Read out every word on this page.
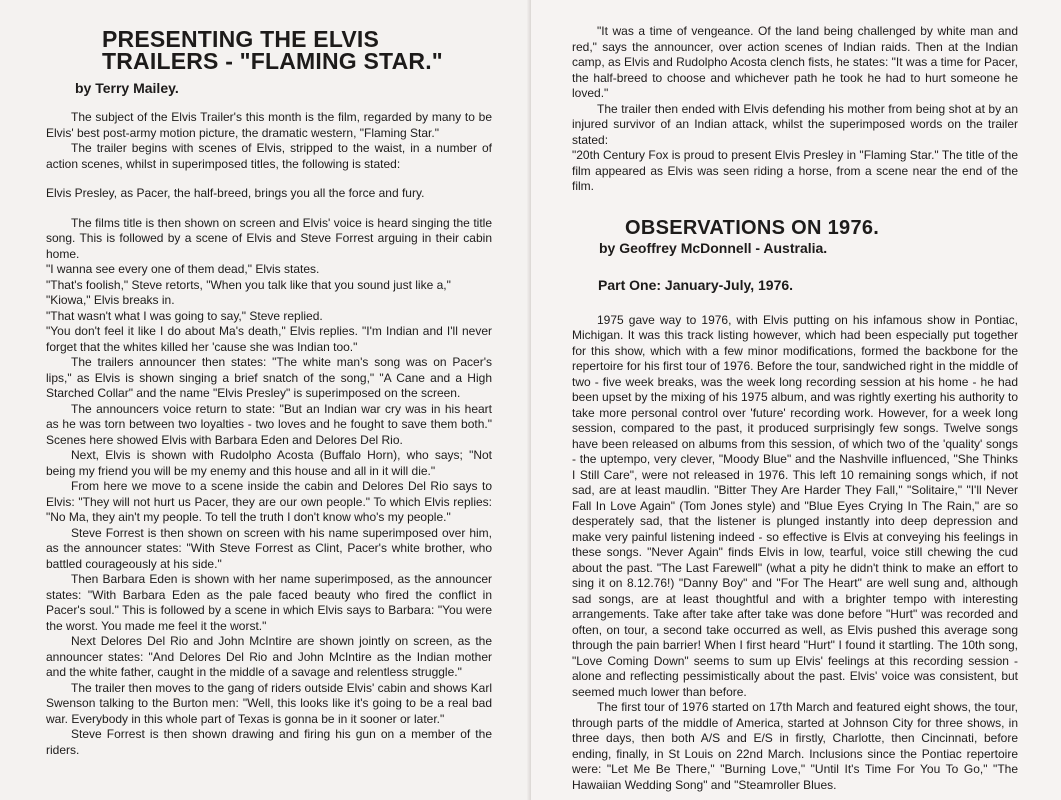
PRESENTING THE ELVIS TRAILERS - "FLAMING STAR."
by Terry Mailey.

The subject of the Elvis Trailer's this month is the film, regarded by many to be Elvis' best post-army motion picture, the dramatic western, "Flaming Star."

The trailer begins with scenes of Elvis, stripped to the waist, in a number of action scenes, whilst in superimposed titles, the following is stated:

Elvis Presley, as Pacer, the half-breed, brings you all the force and fury.

The films title is then shown on screen and Elvis' voice is heard singing the title song. This is followed by a scene of Elvis and Steve Forrest arguing in their cabin home.

"I wanna see every one of them dead," Elvis states.

"That's foolish," Steve retorts, "When you talk like that you sound just like a,"

"Kiowa," Elvis breaks in.

"That wasn't what I was going to say," Steve replied.

"You don't feel it like I do about Ma's death," Elvis replies. "I'm Indian and I'll never forget that the whites killed her 'cause she was Indian too."

The trailers announcer then states: "The white man's song was on Pacer's lips," as Elvis is shown singing a brief snatch of the song," "A Cane and a High Starched Collar" and the name "Elvis Presley" is superimposed on the screen.

The announcers voice return to state: "But an Indian war cry was in his heart as he was torn between two loyalties - two loves and he fought to save them both." Scenes here showed Elvis with Barbara Eden and Delores Del Rio.

Next, Elvis is shown with Rudolpho Acosta (Buffalo Horn), who says; "Not being my friend you will be my enemy and this house and all in it will die."

From here we move to a scene inside the cabin and Delores Del Rio says to Elvis: "They will not hurt us Pacer, they are our own people." To which Elvis replies: "No Ma, they ain't my people. To tell the truth I don't know who's my people."

Steve Forrest is then shown on screen with his name superimposed over him, as the announcer states: "With Steve Forrest as Clint, Pacer's white brother, who battled courageously at his side."

Then Barbara Eden is shown with her name superimposed, as the announcer states: "With Barbara Eden as the pale faced beauty who fired the conflict in Pacer's soul." This is followed by a scene in which Elvis says to Barbara: "You were the worst. You made me feel it the worst."

Next Delores Del Rio and John McIntire are shown jointly on screen, as the announcer states: "And Delores Del Rio and John McIntire as the Indian mother and the white father, caught in the middle of a savage and relentless struggle."

The trailer then moves to the gang of riders outside Elvis' cabin and shows Karl Swenson talking to the Burton men: "Well, this looks like it's going to be a real bad war. Everybody in this whole part of Texas is gonna be in it sooner or later."

Steve Forrest is then shown drawing and firing his gun on a member of the riders.

"It was a time of vengeance. Of the land being challenged by white man and red," says the announcer, over action scenes of Indian raids. Then at the Indian camp, as Elvis and Rudolpho Acosta clench fists, he states: "It was a time for Pacer, the half-breed to choose and whichever path he took he had to hurt someone he loved."

The trailer then ended with Elvis defending his mother from being shot at by an injured survivor of an Indian attack, whilst the superimposed words on the trailer stated:

"20th Century Fox is proud to present Elvis Presley in "Flaming Star." The title of the film appeared as Elvis was seen riding a horse, from a scene near the end of the film.

OBSERVATIONS ON 1976.
by Geoffrey McDonnell - Australia.
Part One: January-July, 1976.

1975 gave way to 1976, with Elvis putting on his infamous show in Pontiac, Michigan. It was this track listing however, which had been especially put together for this show, which with a few minor modifications, formed the backbone for the repertoire for his first tour of 1976. Before the tour, sandwiched right in the middle of two - five week breaks, was the week long recording session at his home - he had been upset by the mixing of his 1975 album, and was rightly exerting his authority to take more personal control over 'future' recording work. However, for a week long session, compared to the past, it produced surprisingly few songs. Twelve songs have been released on albums from this session, of which two of the 'quality' songs - the uptempo, very clever, "Moody Blue" and the Nashville influenced, "She Thinks I Still Care", were not released in 1976. This left 10 remaining songs which, if not sad, are at least maudlin. "Bitter They Are Harder They Fall," "Solitaire," "I'll Never Fall In Love Again" (Tom Jones style) and "Blue Eyes Crying In The Rain," are so desperately sad, that the listener is plunged instantly into deep depression and make very painful listening indeed - so effective is Elvis at conveying his feelings in these songs. "Never Again" finds Elvis in low, tearful, voice still chewing the cud about the past. "The Last Farewell" (what a pity he didn't think to make an effort to sing it on 8.12.76!) "Danny Boy" and "For The Heart" are well sung and, although sad songs, are at least thoughtful and with a brighter tempo with interesting arrangements. Take after take after take was done before "Hurt" was recorded and often, on tour, a second take occurred as well, as Elvis pushed this average song through the pain barrier! When I first heard "Hurt" I found it startling. The 10th song, "Love Coming Down" seems to sum up Elvis' feelings at this recording session - alone and reflecting pessimistically about the past. Elvis' voice was consistent, but seemed much lower than before.

The first tour of 1976 started on 17th March and featured eight shows, the tour, through parts of the middle of America, started at Johnson City for three shows, in three days, then both A/S and E/S in firstly, Charlotte, then Cincinnati, before ending, finally, in St Louis on 22nd March. Inclusions since the Pontiac repertoire were: "Let Me Be There," "Burning Love," "Until It's Time For You To Go," "The Hawaiian Wedding Song" and "Steamroller Blues.
